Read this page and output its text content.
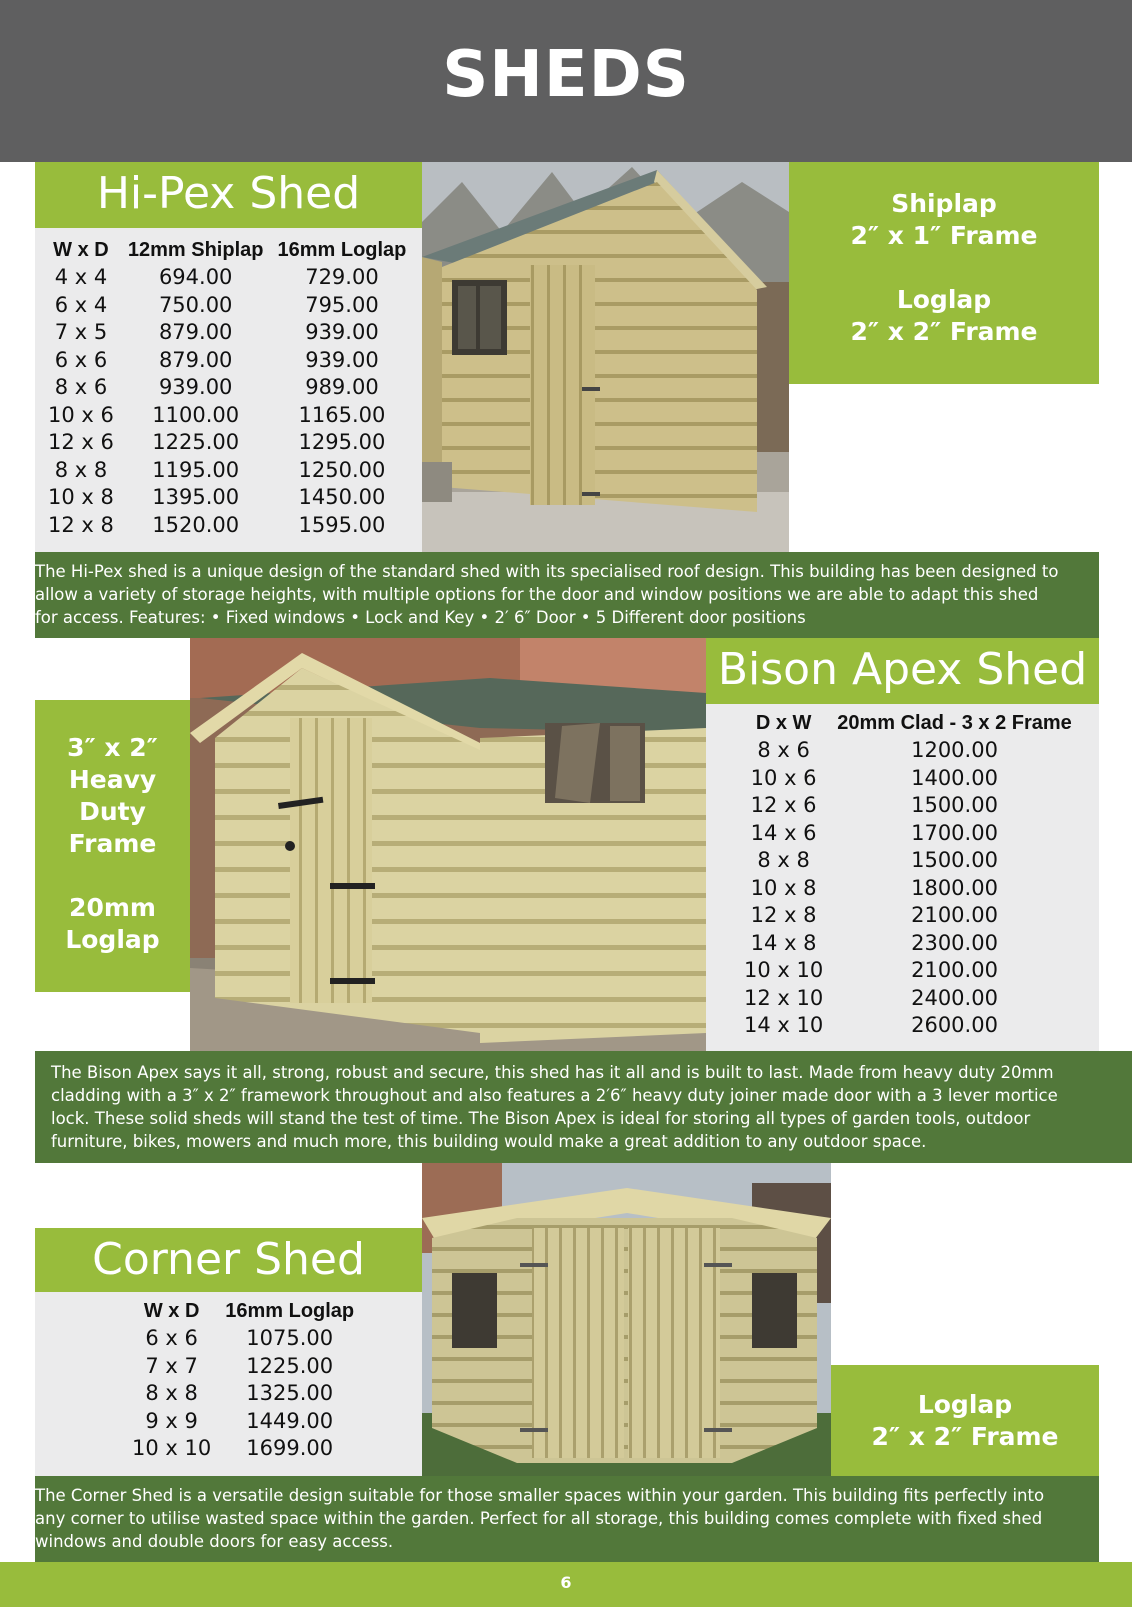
SHEDS
Hi-Pex Shed
W x D	12mm Shiplap	16mm Loglap
4 x 4	694.00	729.00
6 x 4	750.00	795.00
7 x 5	879.00	939.00
6 x 6	879.00	939.00
8 x 6	939.00	989.00
10 x 6	1100.00	1165.00
12 x 6	1225.00	1295.00
8 x 8	1195.00	1250.00
10 x 8	1395.00	1450.00
12 x 8	1520.00	1595.00
Shiplap
2″ x 1″ Frame
Loglap
2″ x 2″ Frame
The Hi-Pex shed is a unique design of the standard shed with its specialised roof design. This building has been designed to
allow a variety of storage heights, with multiple options for the door and window positions we are able to adapt this shed
for access. Features: • Fixed windows • Lock and Key • 2′ 6″ Door • 5 Different door positions
3″ x 2″
Heavy
Duty
Frame
20mm
Loglap
Bison Apex Shed
D x W	20mm Clad - 3 x 2 Frame
8 x 6	1200.00
10 x 6	1400.00
12 x 6	1500.00
14 x 6	1700.00
8 x 8	1500.00
10 x 8	1800.00
12 x 8	2100.00
14 x 8	2300.00
10 x 10	2100.00
12 x 10	2400.00
14 x 10	2600.00
The Bison Apex says it all, strong, robust and secure, this shed has it all and is built to last. Made from heavy duty 20mm
cladding with a 3″ x 2″ framework throughout and also features a 2′6″ heavy duty joiner made door with a 3 lever mortice
lock. These solid sheds will stand the test of time. The Bison Apex is ideal for storing all types of garden tools, outdoor
furniture, bikes, mowers and much more, this building would make a great addition to any outdoor space.
Corner Shed
W x D	16mm Loglap
6 x 6	1075.00
7 x 7	1225.00
8 x 8	1325.00
9 x 9	1449.00
10 x 10	1699.00
Loglap
2″ x 2″ Frame
The Corner Shed is a versatile design suitable for those smaller spaces within your garden. This building fits perfectly into
any corner to utilise wasted space within the garden. Perfect for all storage, this building comes complete with fixed shed
windows and double doors for easy access.
6
